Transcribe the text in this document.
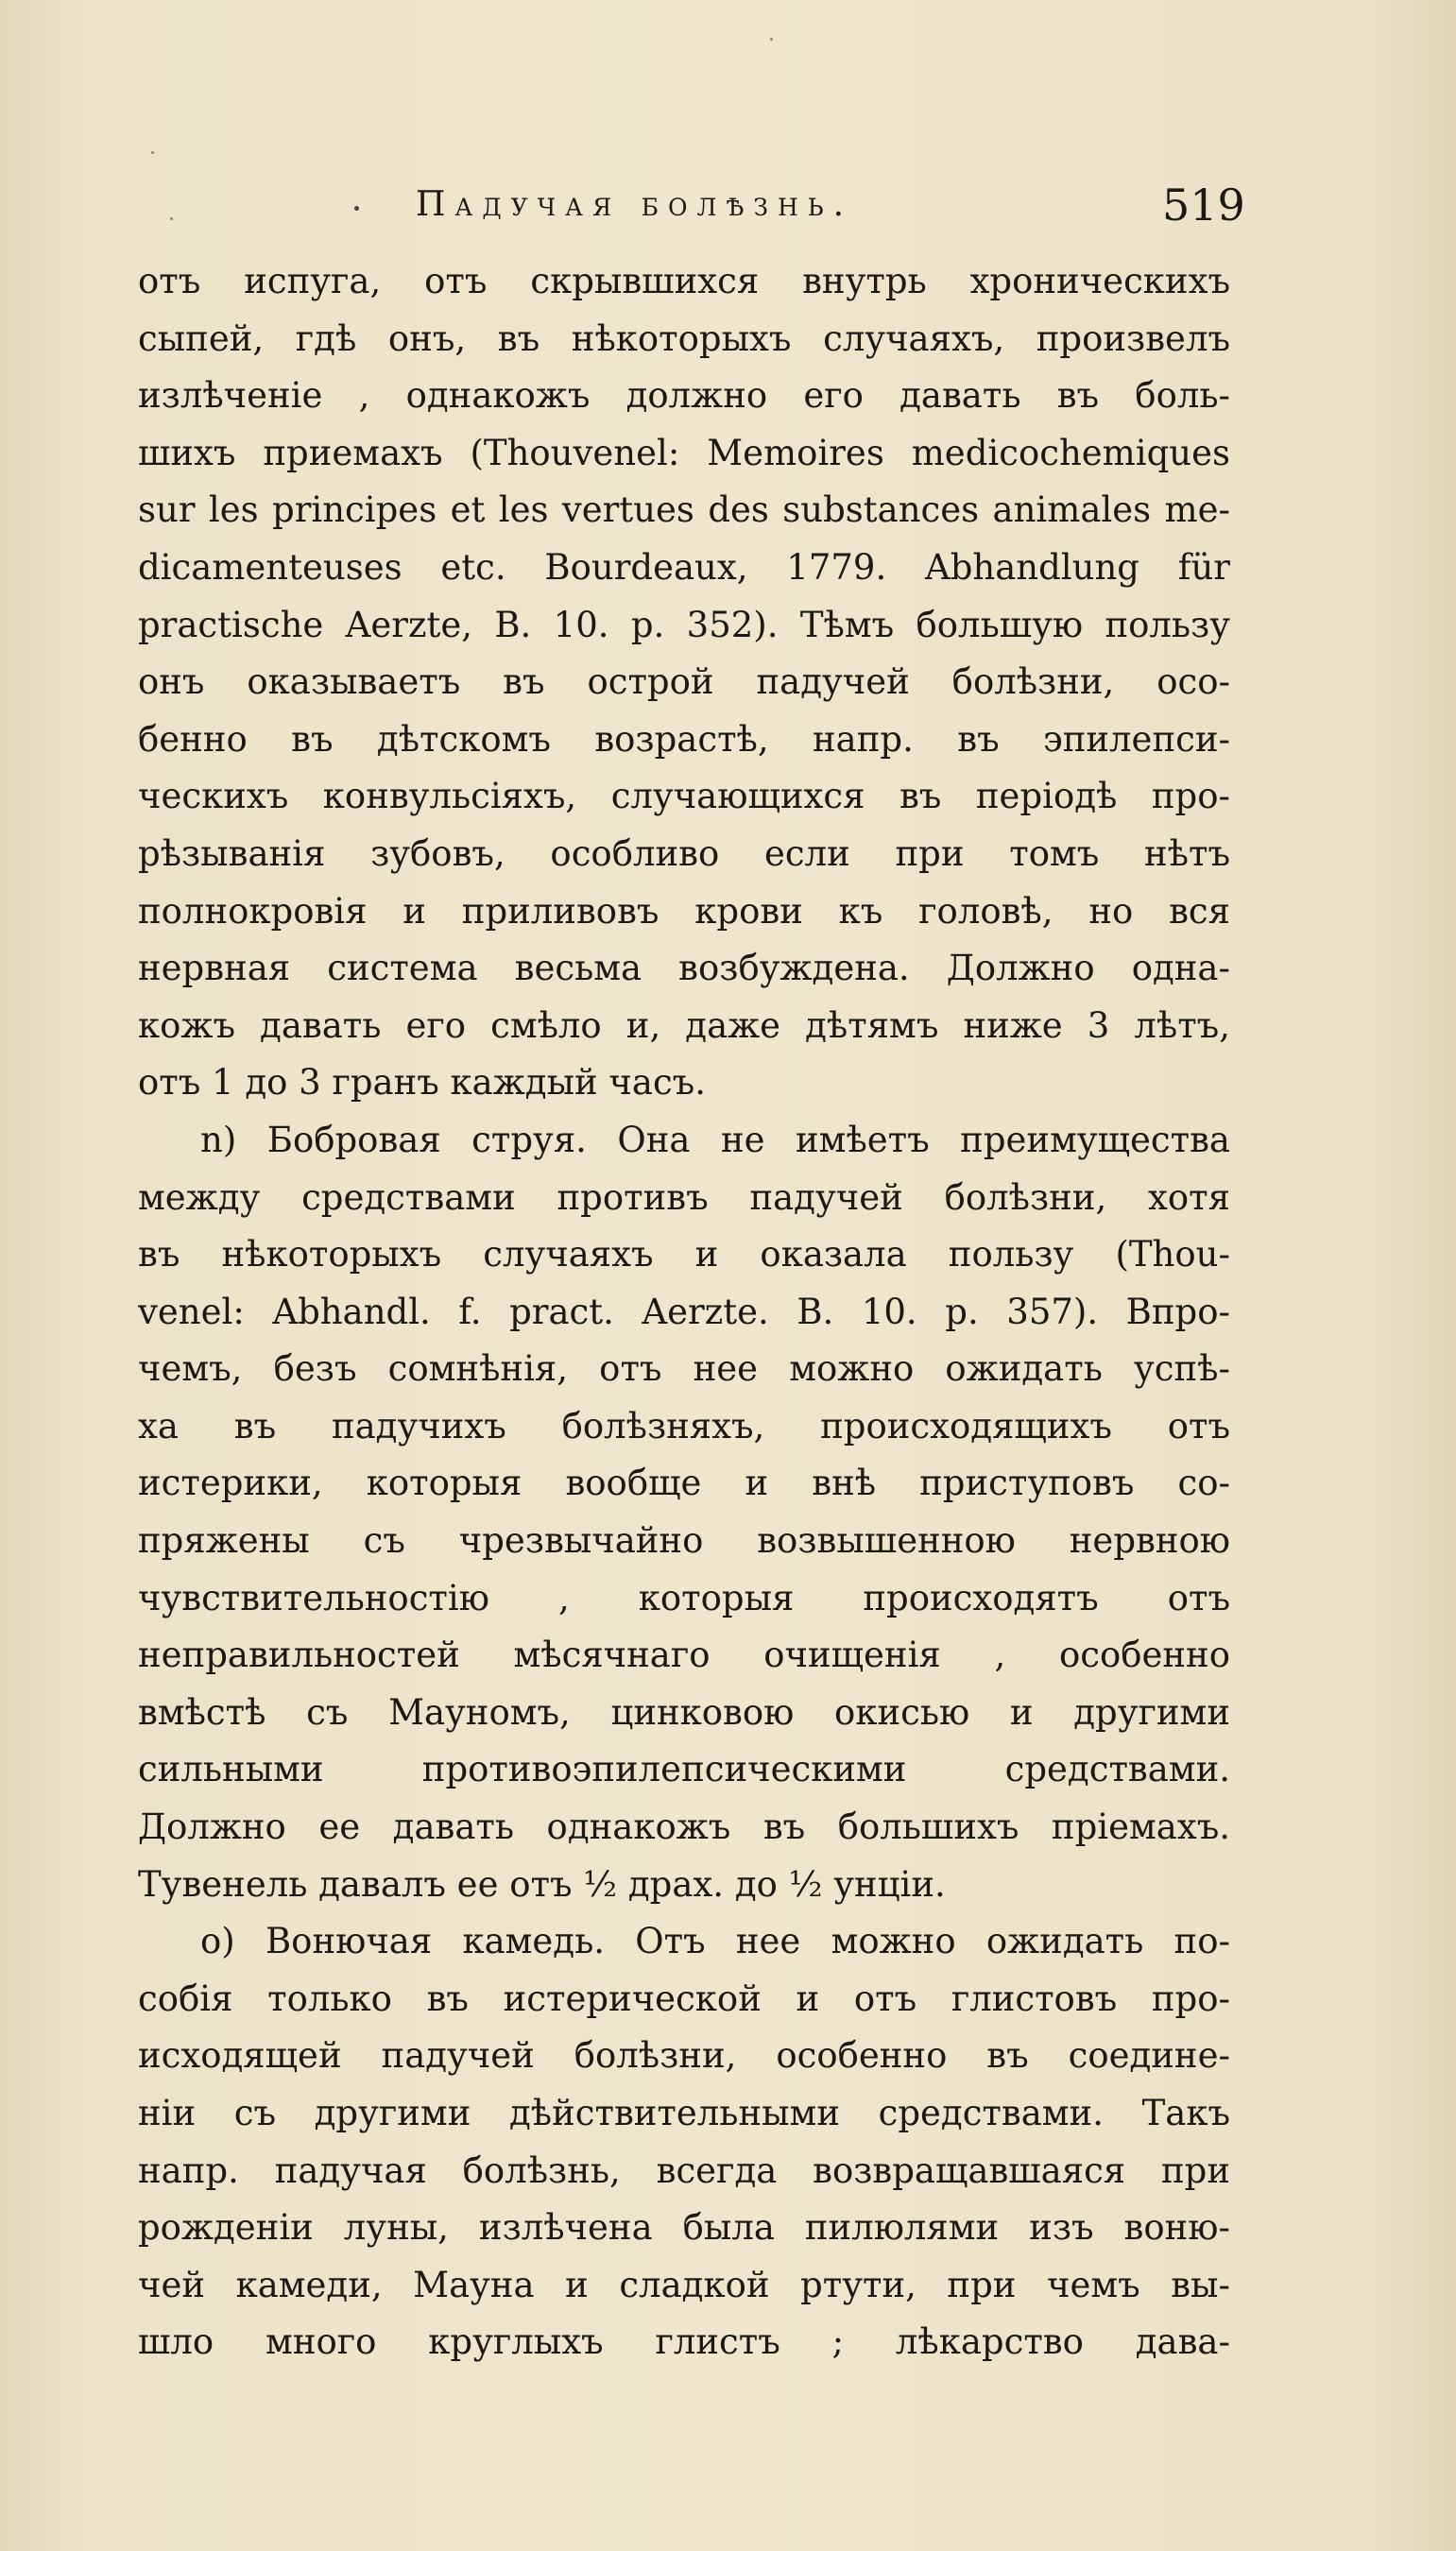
Падучая болѣзнь.	519
отъ испуга, отъ скрывшихся внутрь хроническихъ
сыпей, гдѣ онъ, въ нѣкоторыхъ случаяхъ, произвелъ
излѣченіе , однакожъ должно его давать въ боль-
шихъ приемахъ (Thouvenel: Memoires medicochemiques
sur les principes et les vertues des substances animales me-
dicamenteuses etc. Bourdeaux, 1779. Abhandlung für
practische Aerzte, B. 10. p. 352). Тѣмъ большую пользу
онъ оказываетъ въ острой падучей болѣзни, осо-
бенно въ дѣтскомъ возрастѣ, напр. въ эпилепси-
ческихъ конвульсіяхъ, случающихся въ періодѣ про-
рѣзыванія зубовъ, особливо если при томъ нѣтъ
полнокровія и приливовъ крови къ головѣ, но вся
нервная система весьма возбуждена. Должно одна-
кожъ давать его смѣло и, даже дѣтямъ ниже 3 лѣтъ,
отъ 1 до 3 гранъ каждый часъ.
n) Бобровая струя. Она не имѣетъ преимущества
между средствами противъ падучей болѣзни, хотя
въ нѣкоторыхъ случаяхъ и оказала пользу (Thou-
venel: Abhandl. f. pract. Aerzte. B. 10. p. 357). Впро-
чемъ, безъ сомнѣнія, отъ нее можно ожидать успѣ-
ха въ падучихъ болѣзняхъ, происходящихъ отъ
истерики, которыя вообще и внѣ приступовъ со-
пряжены съ чрезвычайно возвышенною нервною
чувствительностію , которыя происходятъ отъ
неправильностей мѣсячнаго очищенія , особенно
вмѣстѣ съ Мауномъ, цинковою окисью и другими
сильными противоэпилепсическими средствами.
Должно ее давать однакожъ въ большихъ пріемахъ.
Тувенель давалъ ее отъ ½ драх. до ½ унціи.
o) Вонючая камедь. Отъ нее можно ожидать по-
собія только въ истерической и отъ глистовъ про-
исходящей падучей болѣзни, особенно въ соедине-
ніи съ другими дѣйствительными средствами. Такъ
напр. падучая болѣзнь, всегда возвращавшаяся при
рожденіи луны, излѣчена была пилюлями изъ воню-
чей камеди, Мауна и сладкой ртути, при чемъ вы-
шло много круглыхъ глистъ ; лѣкарство дава-
